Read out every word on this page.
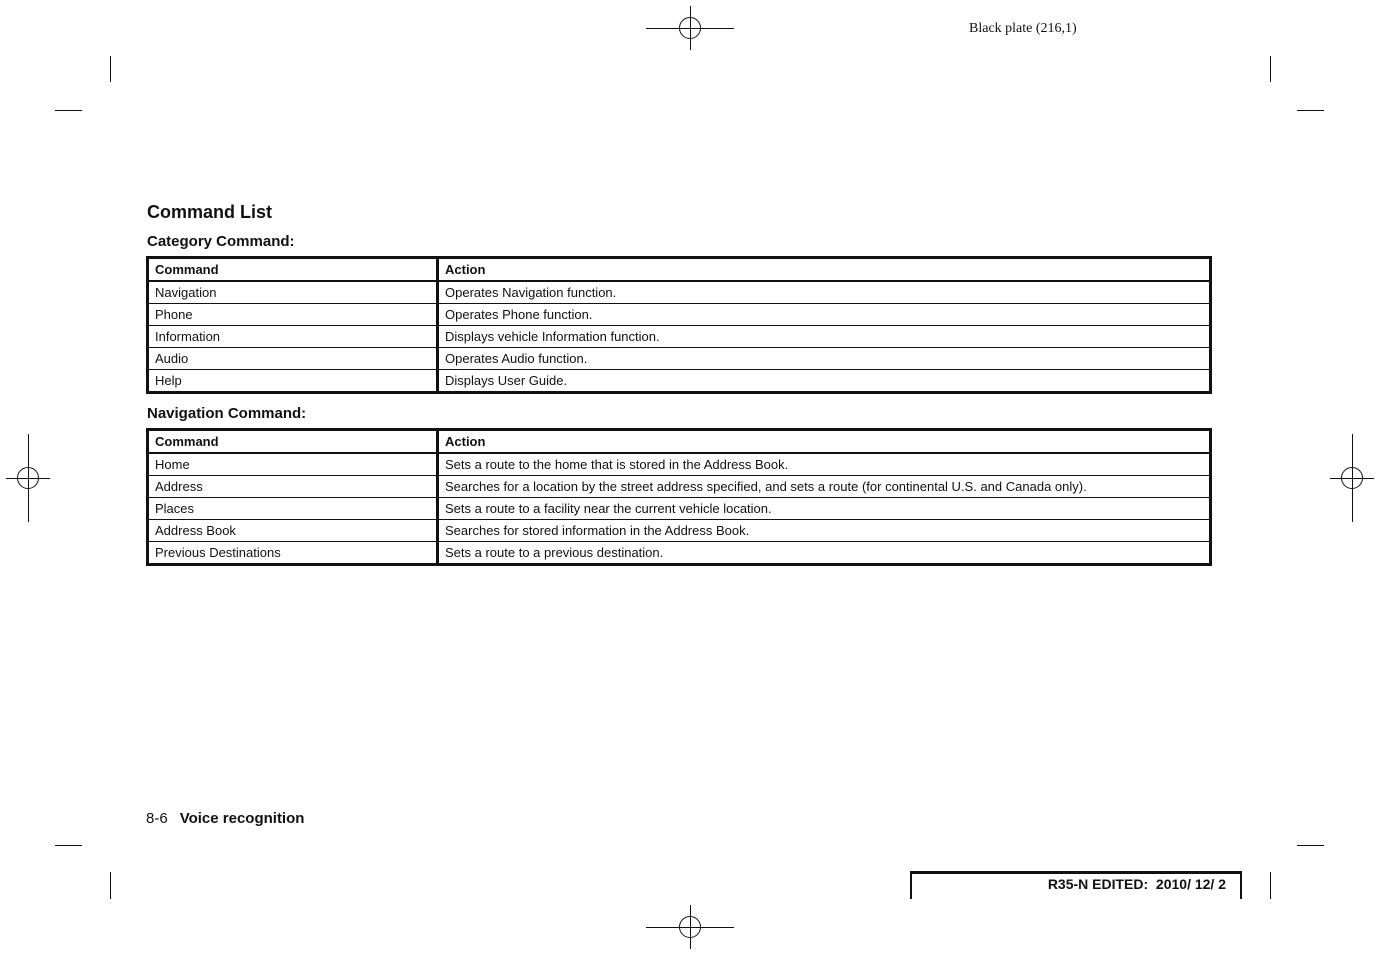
Black plate (216,1)
Command List
Category Command:
Command	Action
Navigation	Operates Navigation function.
Phone	Operates Phone function.
Information	Displays vehicle Information function.
Audio	Operates Audio function.
Help	Displays User Guide.
Navigation Command:
Command	Action
Home	Sets a route to the home that is stored in the Address Book.
Address	Searches for a location by the street address specified, and sets a route (for continental U.S. and Canada only).
Places	Sets a route to a facility near the current vehicle location.
Address Book	Searches for stored information in the Address Book.
Previous Destinations	Sets a route to a previous destination.
8-6 Voice recognition
R35-N EDITED:  2010/ 12/ 2
